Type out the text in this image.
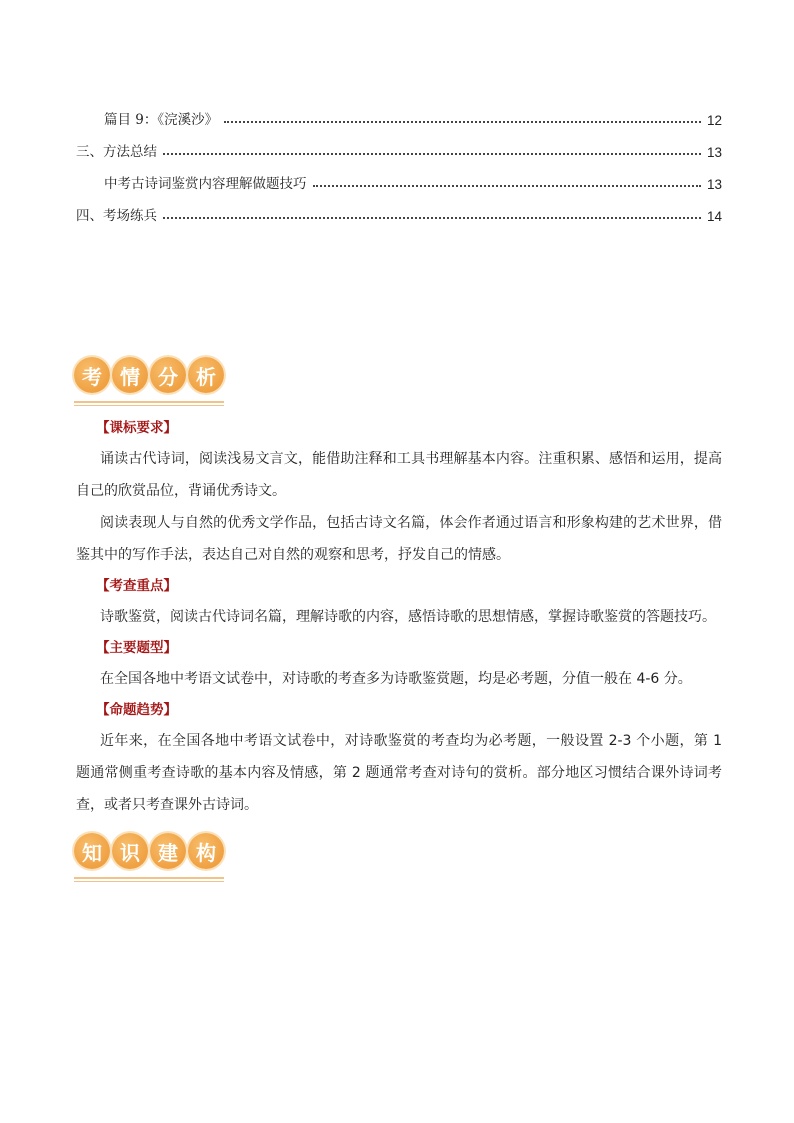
篇目 9：《浣溪沙》	12
三、方法总结	13
中考古诗词鉴赏内容理解做题技巧	13
四、考场练兵	14
考 情 分 析
【课标要求】
诵读古代诗词，阅读浅易文言文，能借助注释和工具书理解基本内容。注重积累、感悟和运用，提高自己的欣赏品位，背诵优秀诗文。
阅读表现人与自然的优秀文学作品，包括古诗文名篇，体会作者通过语言和形象构建的艺术世界，借鉴其中的写作手法，表达自己对自然的观察和思考，抒发自己的情感。
【考查重点】
诗歌鉴赏，阅读古代诗词名篇，理解诗歌的内容，感悟诗歌的思想情感，掌握诗歌鉴赏的答题技巧。
【主要题型】
在全国各地中考语文试卷中，对诗歌的考查多为诗歌鉴赏题，均是必考题，分值一般在 4-6 分。
【命题趋势】
近年来，在全国各地中考语文试卷中，对诗歌鉴赏的考查均为必考题，一般设置 2-3 个小题，第 1 题通常侧重考查诗歌的基本内容及情感，第 2 题通常考查对诗句的赏析。部分地区习惯结合课外诗词考查，或者只考查课外古诗词。
知 识 建 构
